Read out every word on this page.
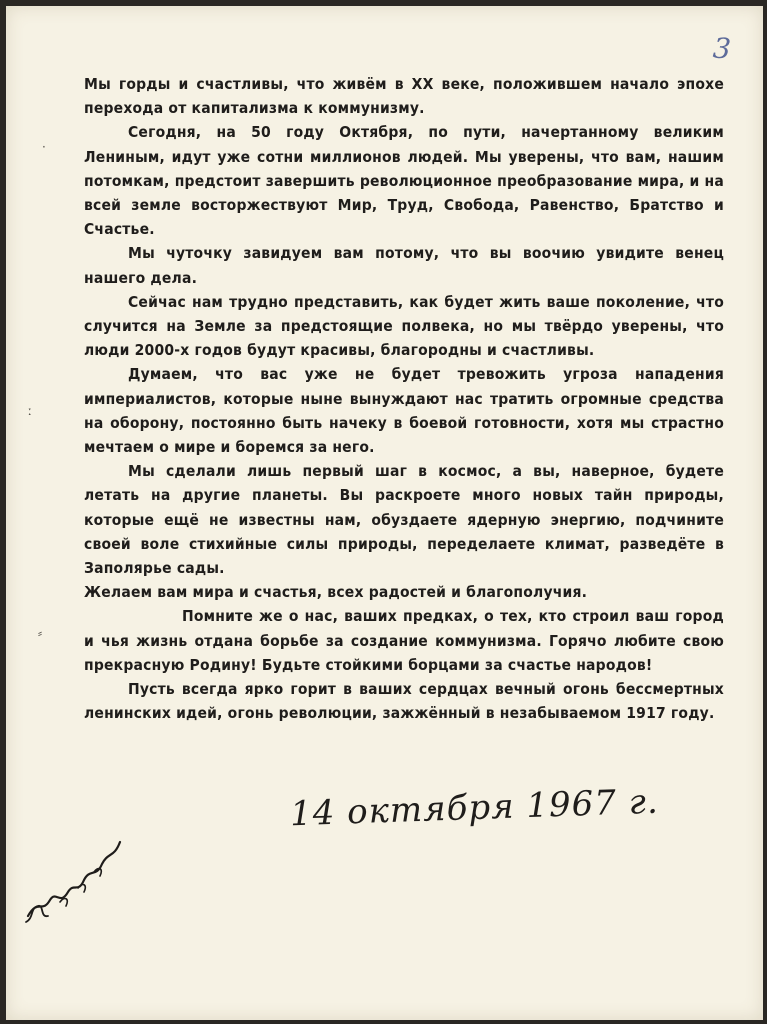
3
·
ː
⸗

Мы горды и счастливы, что живём в XX веке, положившем начало эпохе перехода от капитализма к коммунизму.

Сегодня, на 50 году Октября, по пути, начертанному великим Лениным, идут уже сотни миллионов людей. Мы уверены, что вам, нашим потомкам, предстоит завершить революционное преобразование мира, и на всей земле восторжествуют Мир, Труд, Свобода, Равенство, Братство и Счастье.

Мы чуточку завидуем вам потому, что вы воочию увидите венец нашего дела.

Сейчас нам трудно представить, как будет жить ваше поколение, что случится на Земле за предстоящие полвека, но мы твёрдо уверены, что люди 2000-х годов будут красивы, благородны и счастливы.

Думаем, что вас уже не будет тревожить угроза нападения империалистов, которые ныне вынуждают нас тратить огромные средства на оборону, постоянно быть начеку в боевой готовности, хотя мы страстно мечтаем о мире и боремся за него.

Мы сделали лишь первый шаг в космос, а вы, наверное, будете летать на другие планеты. Вы раскроете много новых тайн природы, которые ещё не известны нам, обуздаете ядерную энергию, подчините своей воле стихийные силы природы, переделаете климат, разведёте в Заполярье сады.

Желаем вам мира и счастья, всех радостей и благополучия.

Помните же о нас, ваших предках, о тех, кто строил ваш город и чья жизнь отдана борьбе за создание коммунизма. Горячо любите свою прекрасную Родину! Будьте стойкими борцами за счастье народов!

Пусть всегда ярко горит в ваших сердцах вечный огонь бессмертных ленинских идей, огонь революции, зажжённый в незабываемом 1917 году.

14 октября 1967 г.
